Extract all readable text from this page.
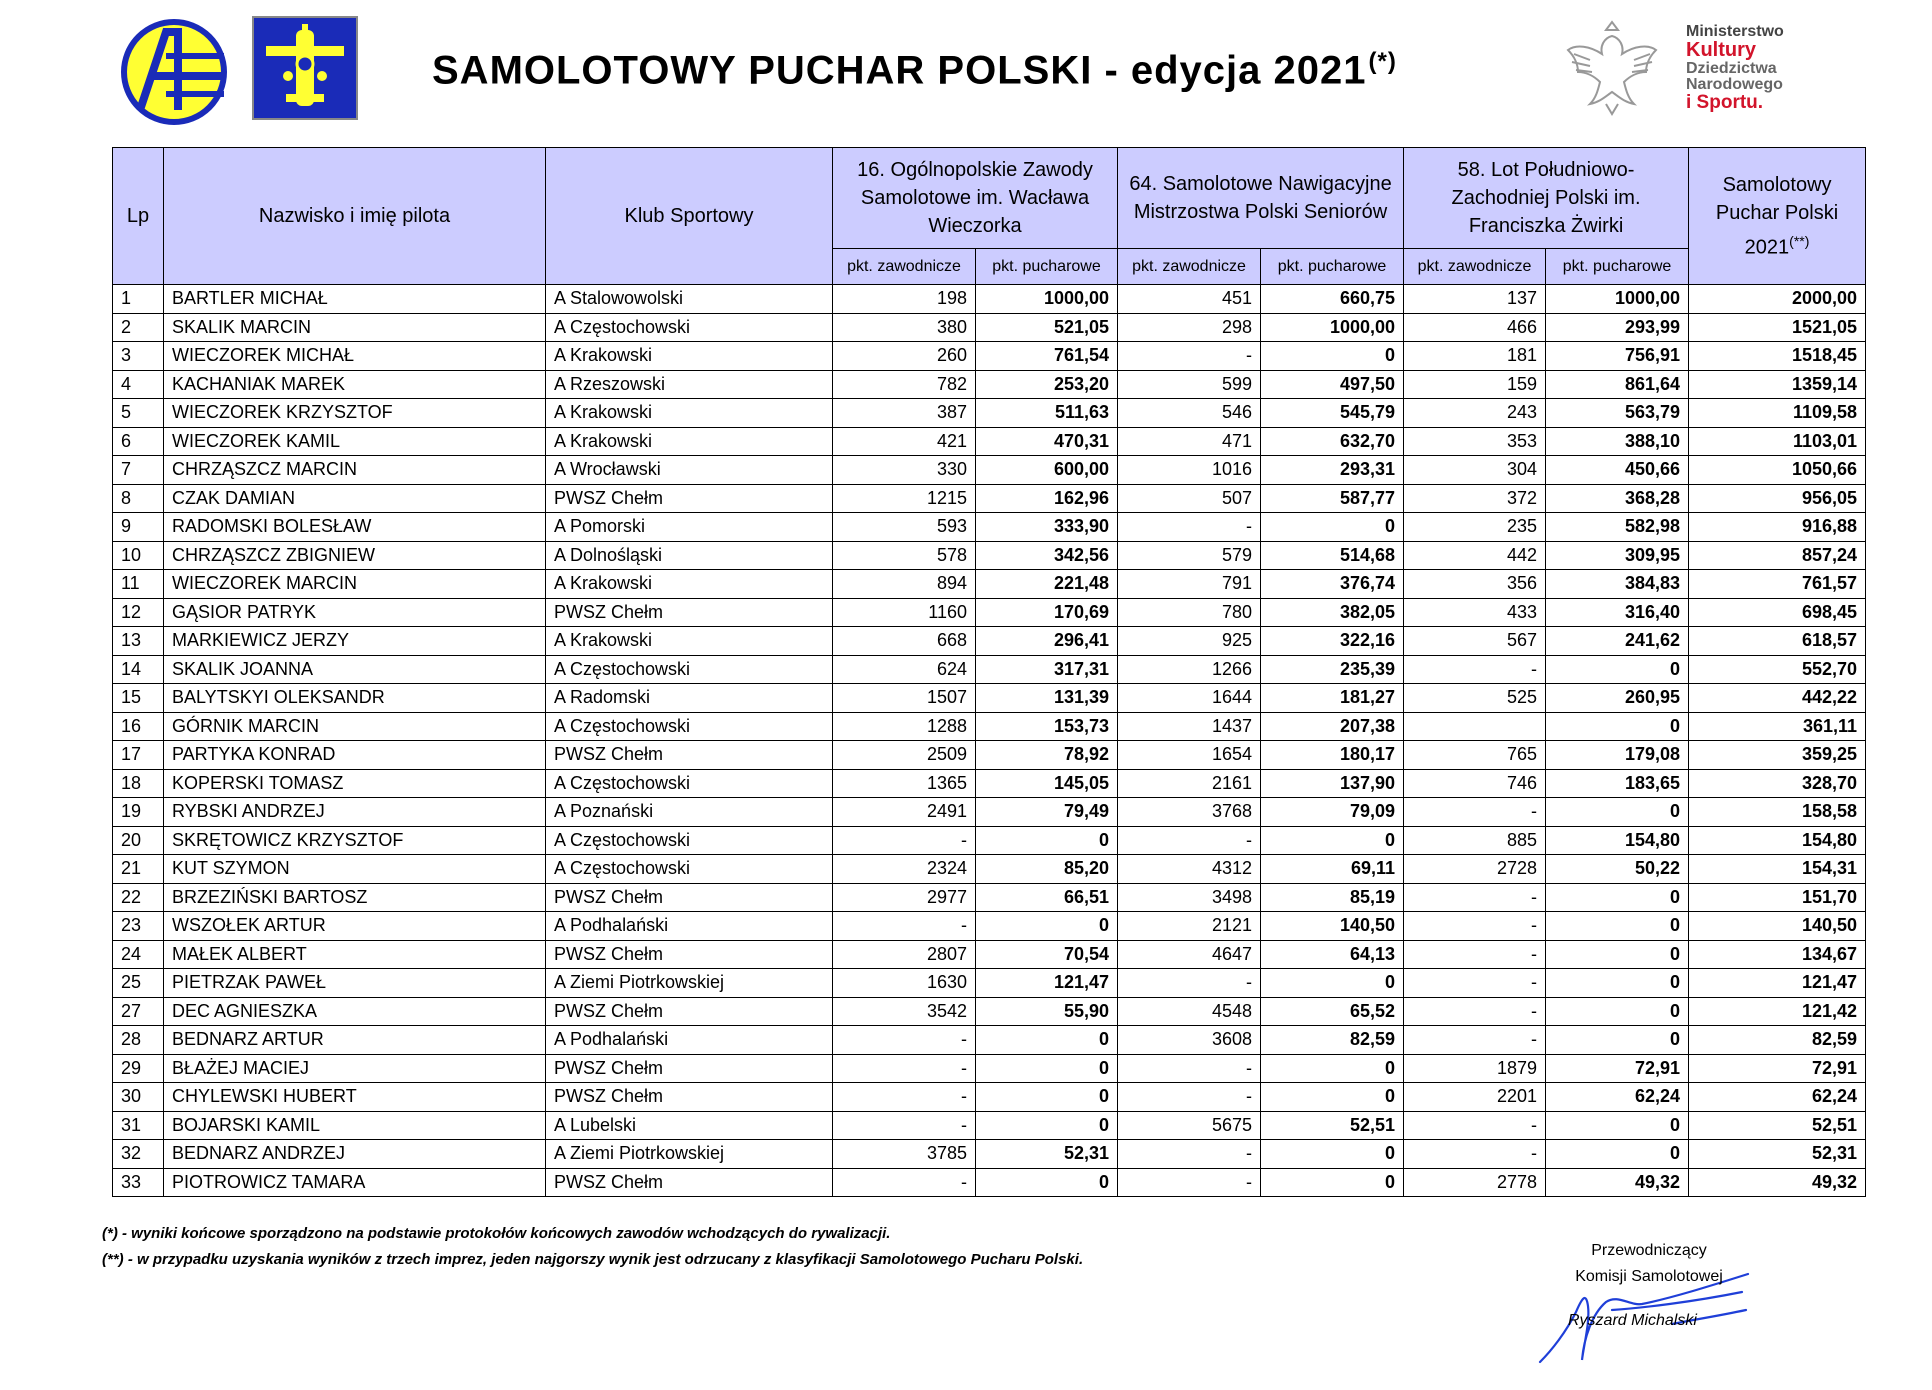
SAMOLOTOWY PUCHAR POLSKI - edycja 2021(*)
Ministerstwo
Kultury
Dziedzictwa
Narodowego
i Sportu.
Lp	Nazwisko i imię pilota	Klub Sportowy	16. Ogólnopolskie Zawody Samolotowe im. Wacława Wieczorka		64. Samolotowe Nawigacyjne Mistrzostwa Polski Seniorów		58. Lot Południowo-Zachodniej Polski im. Franciszka Żwirki		Samolotowy Puchar Polski 2021(**)
			pkt. zawodnicze	pkt. pucharowe	pkt. zawodnicze	pkt. pucharowe	pkt. zawodnicze	pkt. pucharowe	
1	BARTLER MICHAŁ	A Stalowowolski	198	1000,00	451	660,75	137	1000,00	2000,00
2	SKALIK MARCIN	A Częstochowski	380	521,05	298	1000,00	466	293,99	1521,05
3	WIECZOREK MICHAŁ	A Krakowski	260	761,54	-	0	181	756,91	1518,45
4	KACHANIAK MAREK	A Rzeszowski	782	253,20	599	497,50	159	861,64	1359,14
5	WIECZOREK KRZYSZTOF	A Krakowski	387	511,63	546	545,79	243	563,79	1109,58
6	WIECZOREK KAMIL	A Krakowski	421	470,31	471	632,70	353	388,10	1103,01
7	CHRZĄSZCZ MARCIN	A Wrocławski	330	600,00	1016	293,31	304	450,66	1050,66
8	CZAK DAMIAN	PWSZ Chełm	1215	162,96	507	587,77	372	368,28	956,05
9	RADOMSKI BOLESŁAW	A Pomorski	593	333,90	-	0	235	582,98	916,88
10	CHRZĄSZCZ ZBIGNIEW	A Dolnośląski	578	342,56	579	514,68	442	309,95	857,24
11	WIECZOREK MARCIN	A Krakowski	894	221,48	791	376,74	356	384,83	761,57
12	GĄSIOR PATRYK	PWSZ Chełm	1160	170,69	780	382,05	433	316,40	698,45
13	MARKIEWICZ JERZY	A Krakowski	668	296,41	925	322,16	567	241,62	618,57
14	SKALIK JOANNA	A Częstochowski	624	317,31	1266	235,39	-	0	552,70
15	BALYTSKYI OLEKSANDR	A Radomski	1507	131,39	1644	181,27	525	260,95	442,22
16	GÓRNIK MARCIN	A Częstochowski	1288	153,73	1437	207,38		0	361,11
17	PARTYKA KONRAD	PWSZ Chełm	2509	78,92	1654	180,17	765	179,08	359,25
18	KOPERSKI TOMASZ	A Częstochowski	1365	145,05	2161	137,90	746	183,65	328,70
19	RYBSKI ANDRZEJ	A Poznański	2491	79,49	3768	79,09	-	0	158,58
20	SKRĘTOWICZ KRZYSZTOF	A Częstochowski	-	0	-	0	885	154,80	154,80
21	KUT SZYMON	A Częstochowski	2324	85,20	4312	69,11	2728	50,22	154,31
22	BRZEZIŃSKI BARTOSZ	PWSZ Chełm	2977	66,51	3498	85,19	-	0	151,70
23	WSZOŁEK ARTUR	A Podhalański	-	0	2121	140,50	-	0	140,50
24	MAŁEK ALBERT	PWSZ Chełm	2807	70,54	4647	64,13	-	0	134,67
25	PIETRZAK PAWEŁ	A Ziemi Piotrkowskiej	1630	121,47	-	0	-	0	121,47
27	DEC AGNIESZKA	PWSZ Chełm	3542	55,90	4548	65,52	-	0	121,42
28	BEDNARZ ARTUR	A Podhalański	-	0	3608	82,59	-	0	82,59
29	BŁAŻEJ MACIEJ	PWSZ Chełm	-	0	-	0	1879	72,91	72,91
30	CHYLEWSKI HUBERT	PWSZ Chełm	-	0	-	0	2201	62,24	62,24
31	BOJARSKI KAMIL	A Lubelski	-	0	5675	52,51	-	0	52,51
32	BEDNARZ ANDRZEJ	A Ziemi Piotrkowskiej	3785	52,31	-	0	-	0	52,31
33	PIOTROWICZ TAMARA	PWSZ Chełm	-	0	-	0	2778	49,32	49,32
(*) - wyniki końcowe sporządzono na podstawie protokołów końcowych zawodów wchodzących do rywalizacji.
(**) - w przypadku uzyskania wyników z trzech imprez, jeden najgorszy wynik jest odrzucany z klasyfikacji Samolotowego Pucharu Polski.
Przewodniczący
Komisji Samolotowej
Ryszard Michalski
